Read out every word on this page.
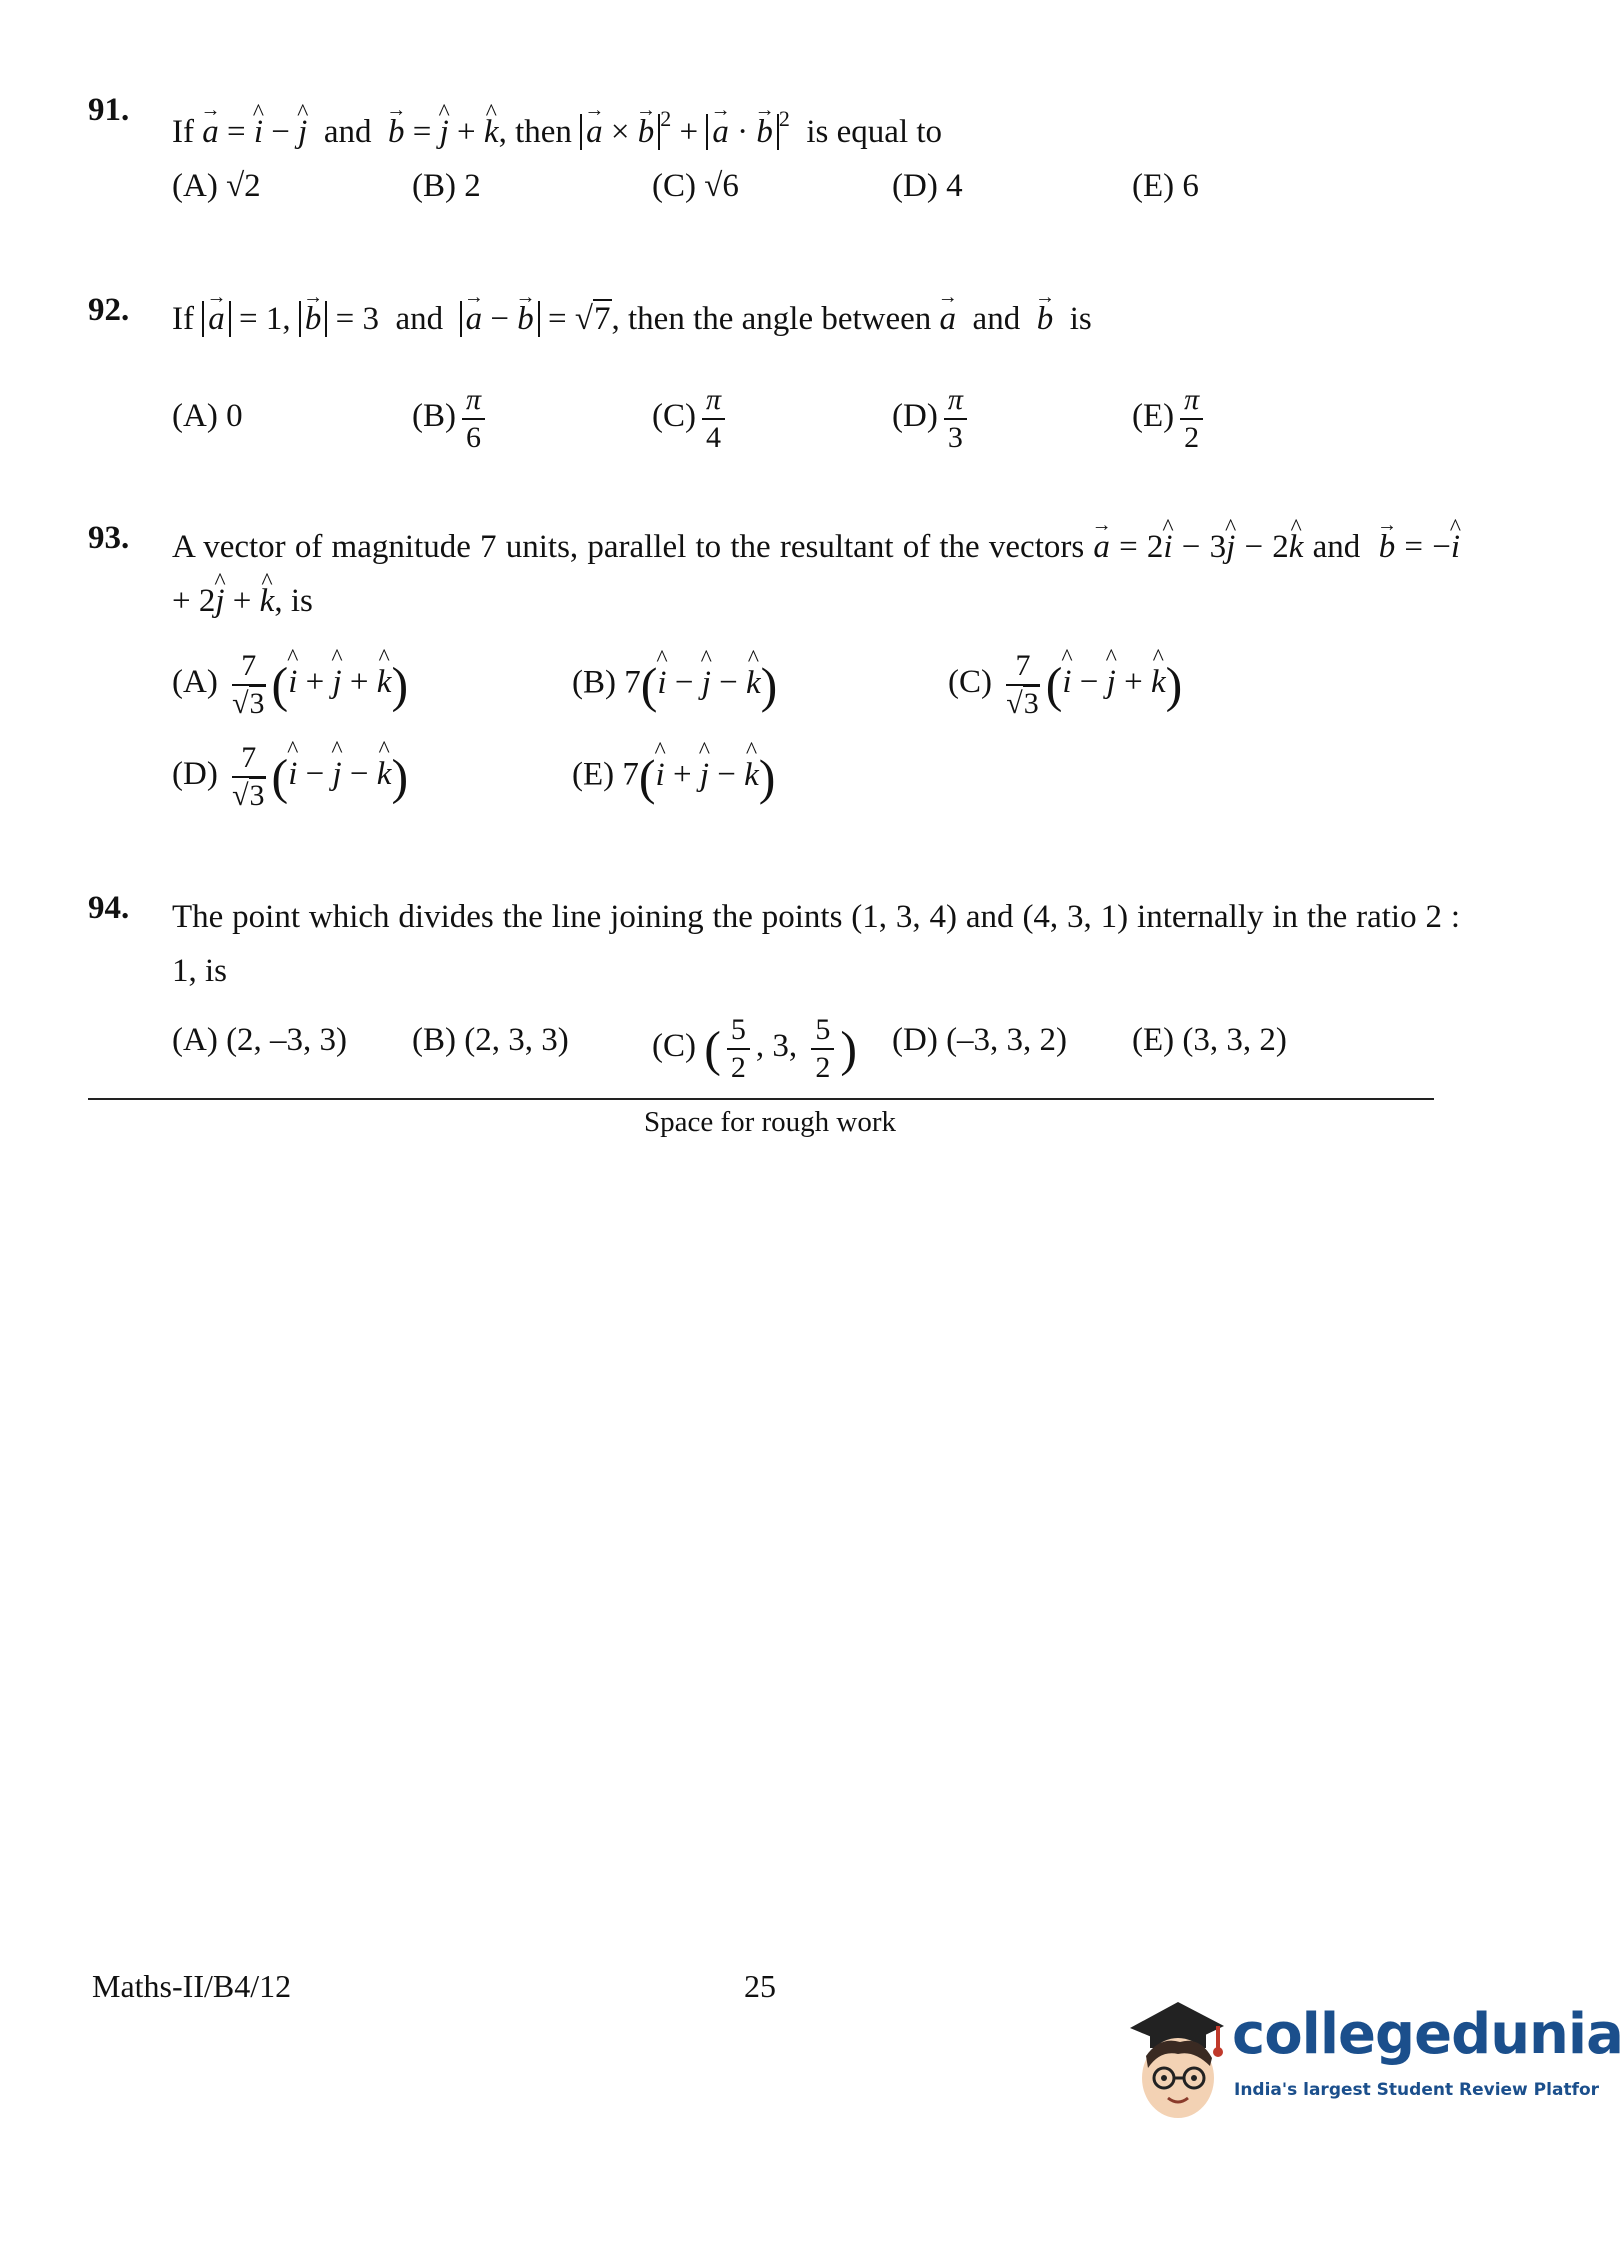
91.
If → a = ^ i − ^ j and → b = ^ j + ^ k, then → a × → b $^2$ + → a · → b $^2$ is equal to
(A) √2	(B) 2	(C) √6	(D) 4	(E) 6
92. If → a = 1, → b = 3  and → a − → b = √7, then the angle between → a and → b is
(A) 0	$(B) \frac{\pi}{6}$	$(C) \frac{\pi}{4}$	$(D) \frac{\pi}{3}$	$(E) \frac{\pi}{2}$
93. A vector of magnitude 7 units, parallel to the resultant of the vectors → a = 2^ i − 3^ j − 2^ k and → b = −^ i + 2^ j + ^ k, is
$(A) \frac{7}{√3}$ (^ i + ^ j + ^ k)	(B) 7(^ i − ^ j − ^ k)	$(C) \frac{7}{√3}$ (^ i − ^ j + ^ k)
$(D) \frac{7}{√3}$ (^ i − ^ j − ^ k)	(E) 7(^ i + ^ j − ^ k)
94. The point which divides the line joining the points (1, 3, 4) and (4, 3, 1) internally in the ratio 2 : 1, is
(A) (2, –3, 3) (B) (2, 3, 3)	(C) ( $\frac{5}{2}$ , 3, $\frac{5}{2}$ ) (D) (–3, 3, 2) (E) (3, 3, 2)
Space for rough work
Maths-II/B4/12	25
collegedunia
India's largest Student Review Platfor
